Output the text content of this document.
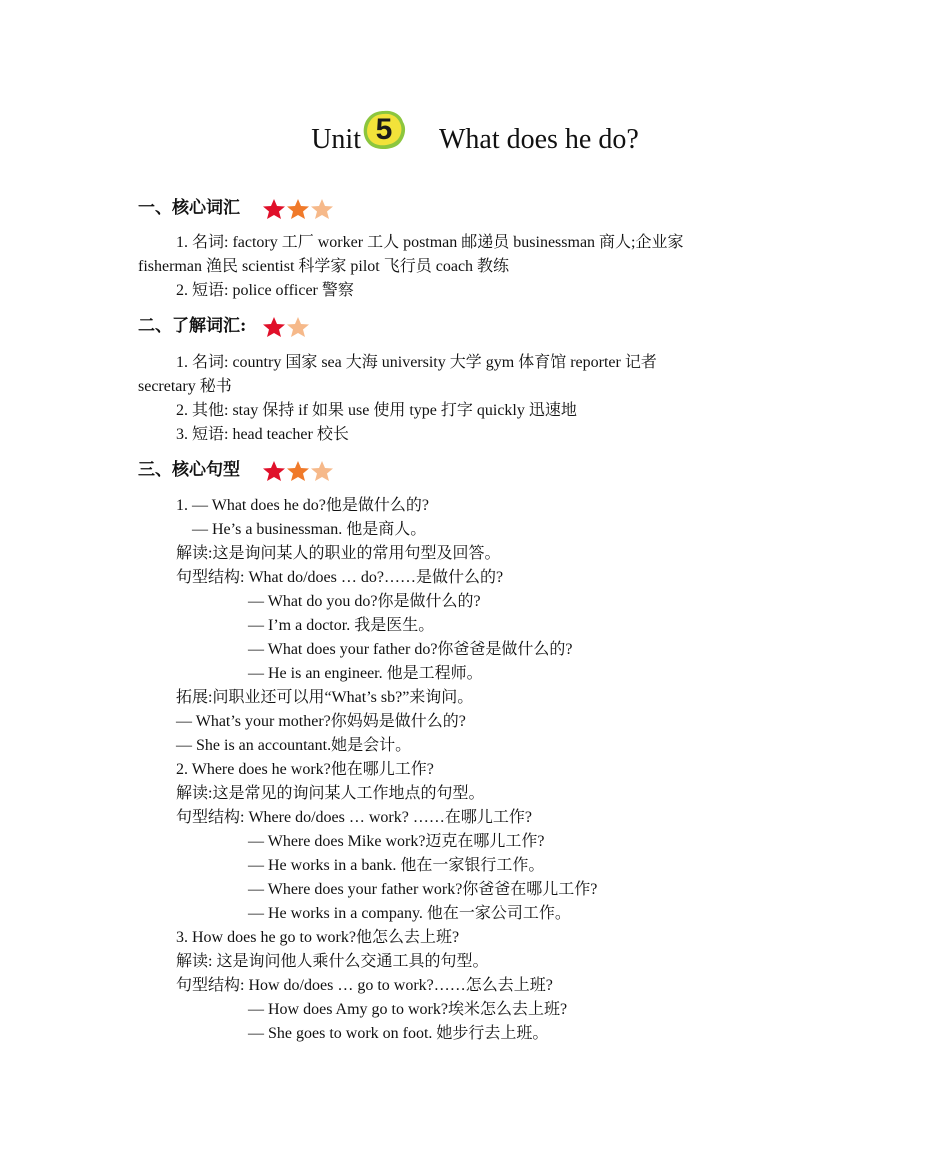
Unit 5	What does he do?
一、核心词汇
1. 名词: factory 工厂 worker 工人 postman 邮递员 businessman 商人;企业家
fisherman 渔民 scientist 科学家 pilot 飞行员 coach 教练
2. 短语: police officer 警察
二、了解词汇:
1. 名词: country 国家 sea 大海 university 大学 gym 体育馆 reporter 记者
secretary 秘书
2. 其他: stay 保持 if 如果 use 使用 type 打字 quickly 迅速地
3. 短语: head teacher 校长
三、核心句型
1. — What does he do?他是做什么的?
— He’s a businessman. 他是商人。
解读:这是询问某人的职业的常用句型及回答。
句型结构: What do/does … do?……是做什么的?
— What do you do?你是做什么的?
— I’m a doctor. 我是医生。
— What does your father do?你爸爸是做什么的?
— He is an engineer. 他是工程师。
拓展:问职业还可以用“What’s sb?”来询问。
— What’s your mother?你妈妈是做什么的?
— She is an accountant.她是会计。
2. Where does he work?他在哪儿工作?
解读:这是常见的询问某人工作地点的句型。
句型结构: Where do/does … work? ……在哪儿工作?
— Where does Mike work?迈克在哪儿工作?
— He works in a bank. 他在一家银行工作。
— Where does your father work?你爸爸在哪儿工作?
— He works in a company. 他在一家公司工作。
3. How does he go to work?他怎么去上班?
解读: 这是询问他人乘什么交通工具的句型。
句型结构: How do/does … go to work?……怎么去上班?
— How does Amy go to work?埃米怎么去上班?
— She goes to work on foot. 她步行去上班。
